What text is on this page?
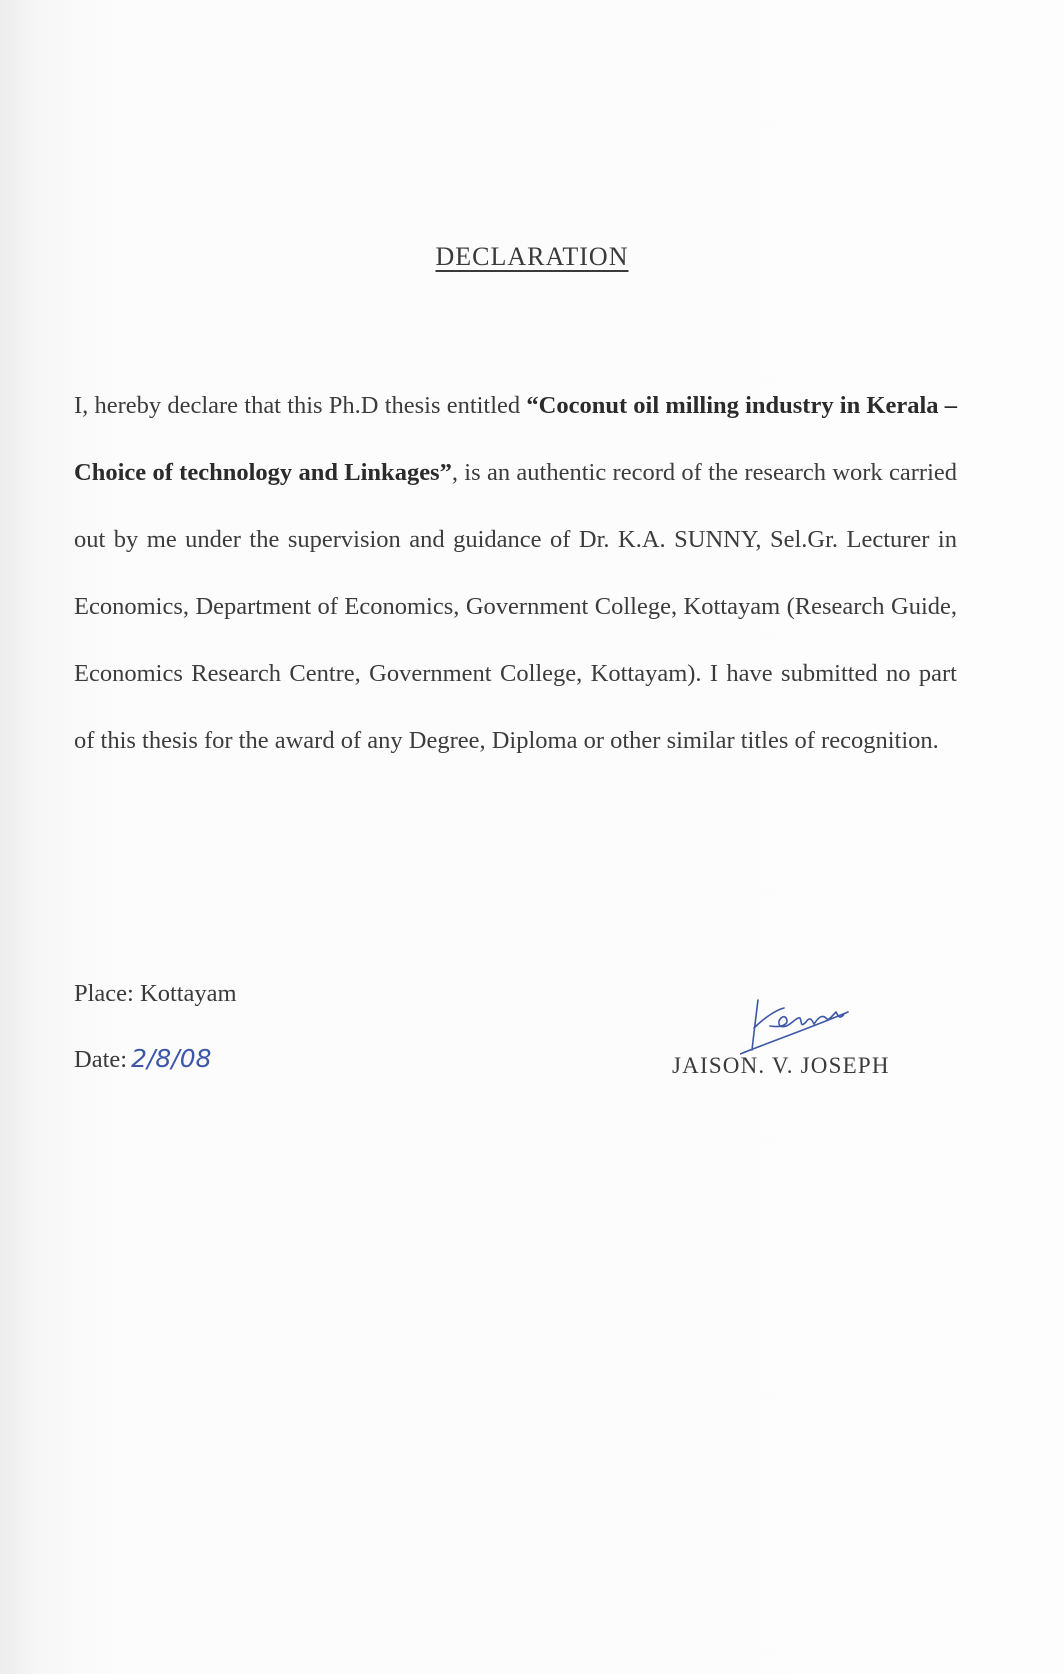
DECLARATION

I, hereby declare that this Ph.D thesis entitled “Coconut oil milling industry in Kerala –Choice of technology and Linkages”, is an authentic record of the research work carried out by me under the supervision and guidance of Dr. K.A. SUNNY, Sel.Gr. Lecturer in Economics, Department of Economics, Government College, Kottayam (Research Guide, Economics Research Centre, Government College, Kottayam). I have submitted no part of this thesis for the award of any Degree, Diploma or other similar titles of recognition.

Place: Kottayam

Date: 2/8/08	JAISON. V. JOSEPH
